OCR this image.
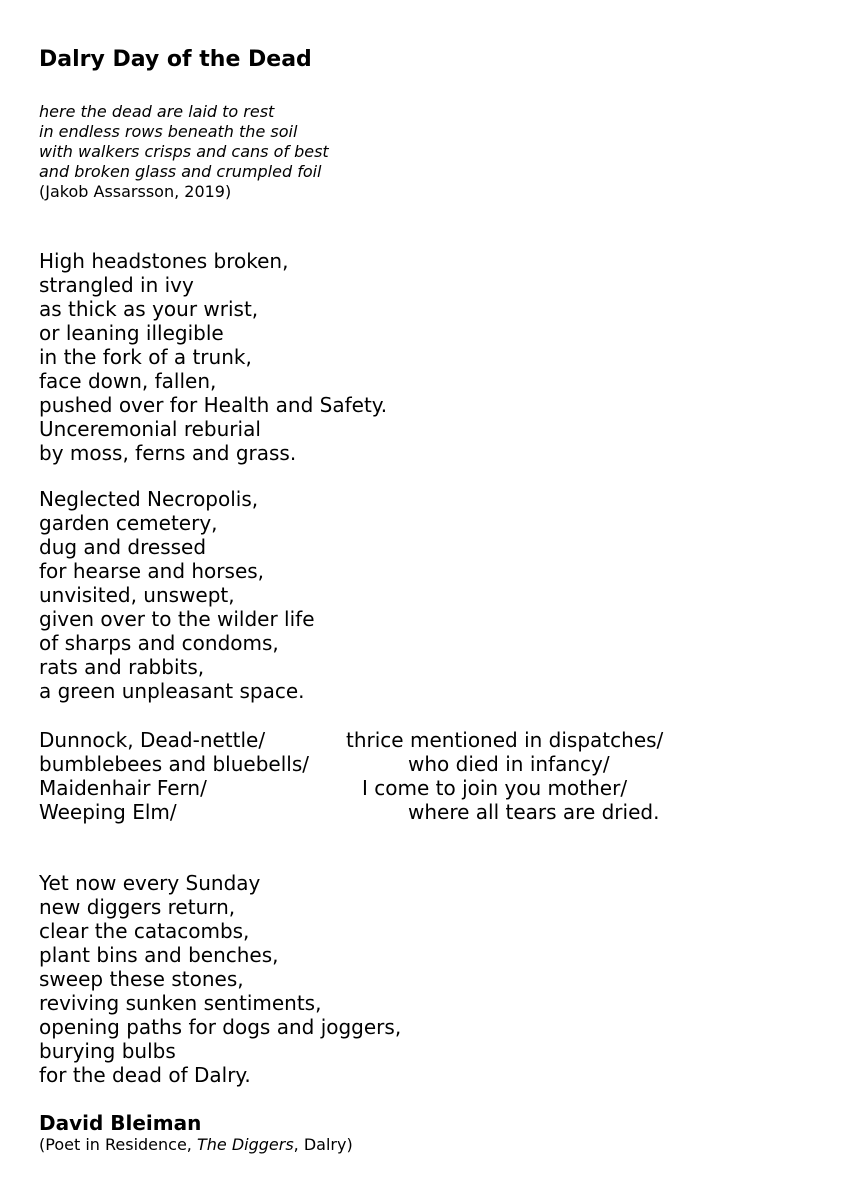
Dalry Day of the Dead
here the dead are laid to rest
in endless rows beneath the soil
with walkers crisps and cans of best
and broken glass and crumpled foil
(Jakob Assarsson, 2019)
High headstones broken,
strangled in ivy
as thick as your wrist,
or leaning illegible
in the fork of a trunk,
face down, fallen,
pushed over for Health and Safety.
Unceremonial reburial
by moss, ferns and grass.
Neglected Necropolis,
garden cemetery,
dug and dressed
for hearse and horses,
unvisited, unswept,
given over to the wilder life
of sharps and condoms,
rats and rabbits,
a green unpleasant space.
Dunnock, Dead-nettle/	thrice mentioned in dispatches/
bumblebees and bluebells/	who died in infancy/
Maidenhair Fern/	I come to join you mother/
Weeping Elm/	where all tears are dried.
Yet now every Sunday
new diggers return,
clear the catacombs,
plant bins and benches,
sweep these stones,
reviving sunken sentiments,
opening paths for dogs and joggers,
burying bulbs
for the dead of Dalry.
David Bleiman
(Poet in Residence, The Diggers, Dalry)
